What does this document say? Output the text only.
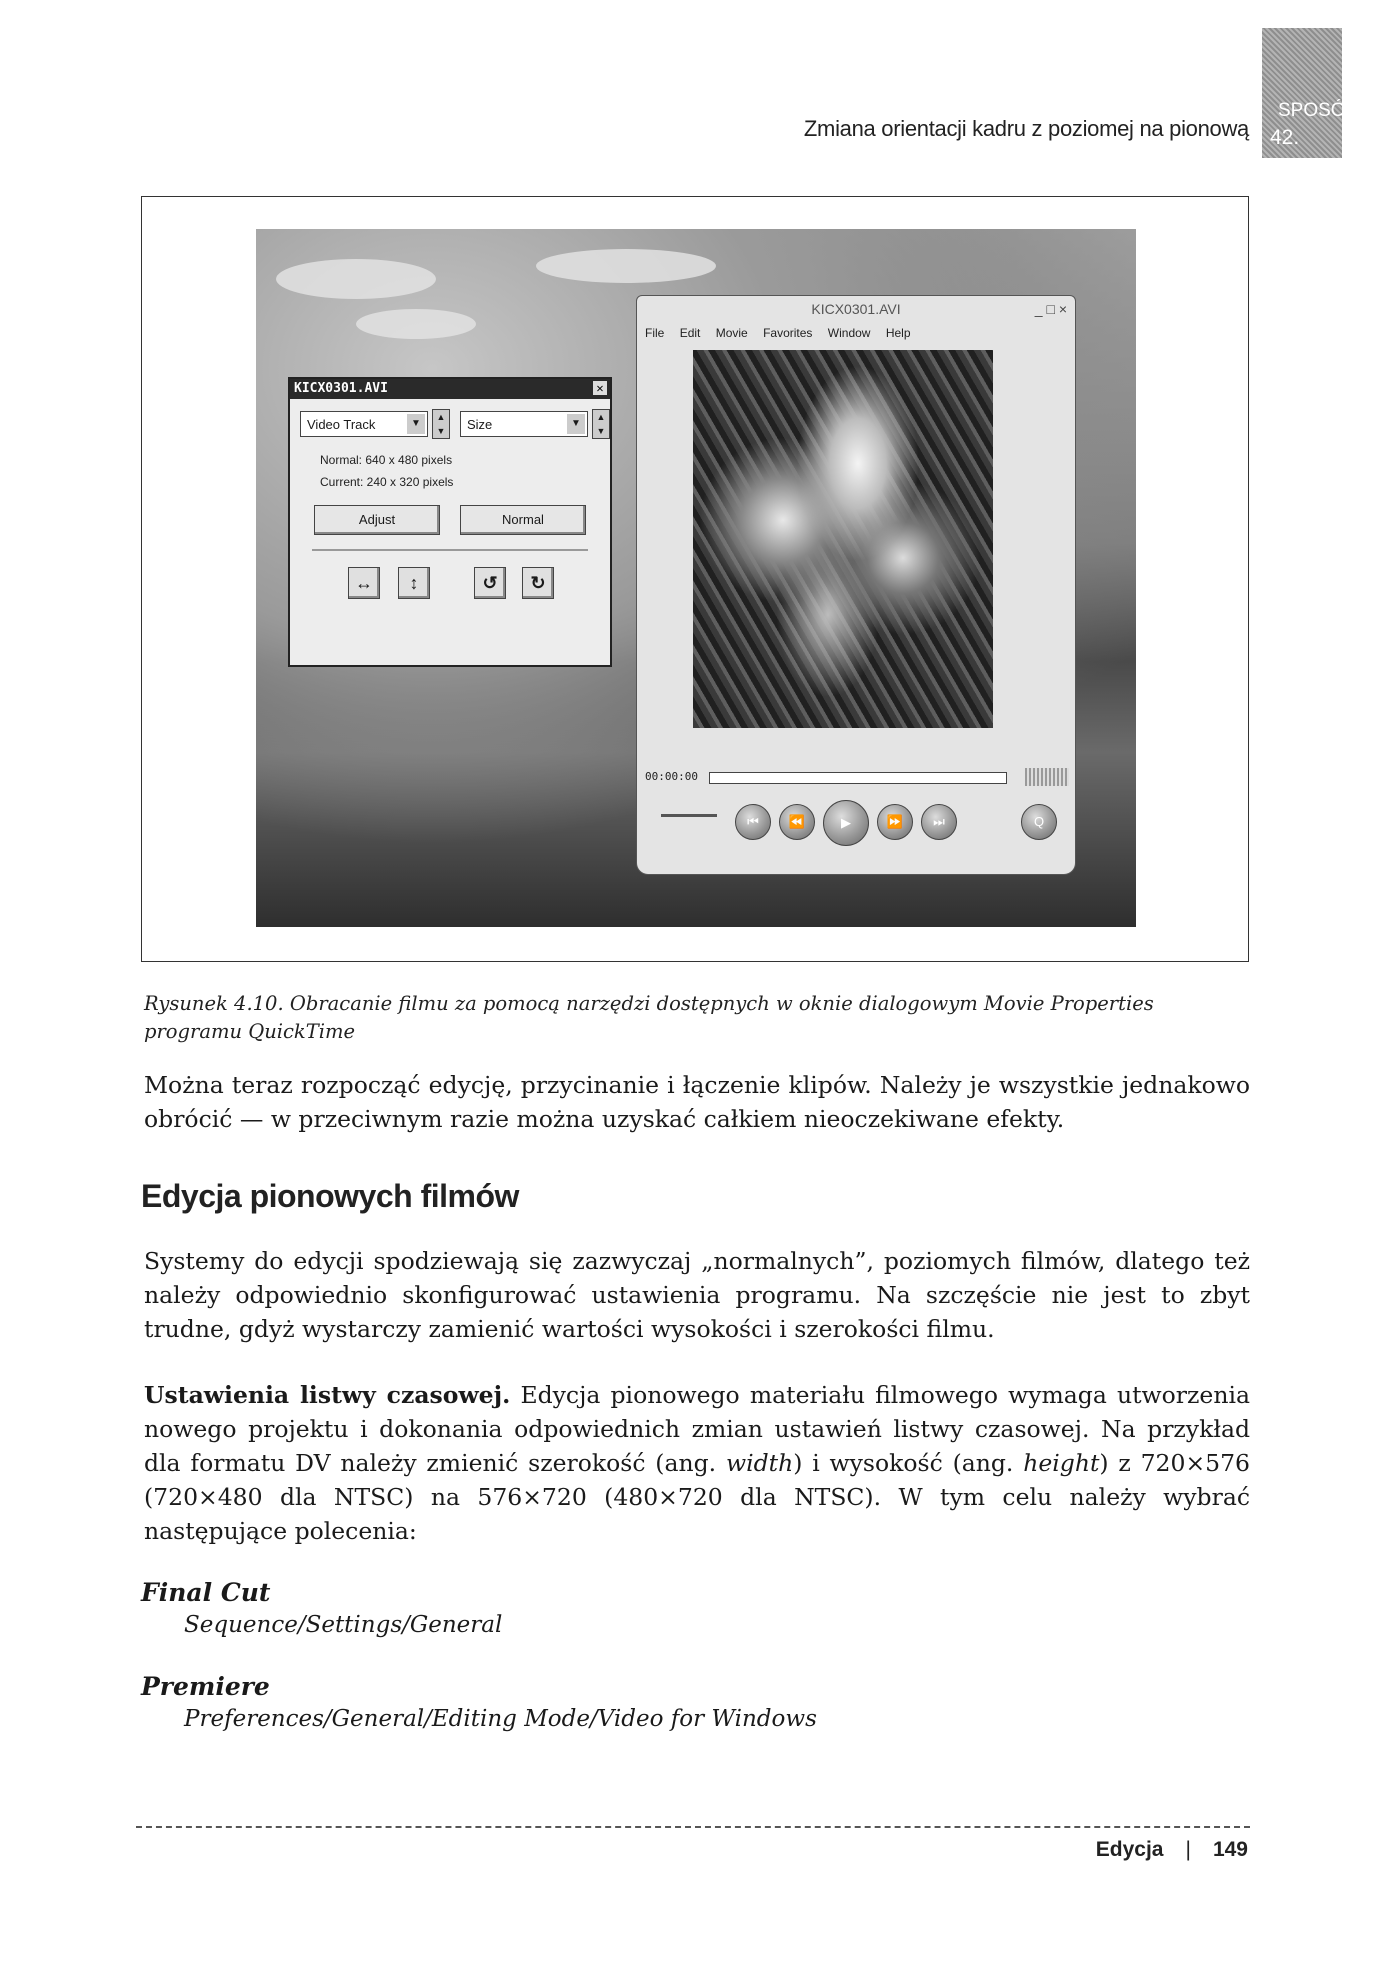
Zmiana orientacji kadru z poziomej na pionową
SPOSÓB
42.
KICX0301.AVI	✕
Video Track	▼
▲
▼	Size	▼
▲
▼
Normal: 640 x 480 pixels
Current: 240 x 320 pixels
Adjust	Normal
↔	↕	↺	↻
KICX0301.AVI	_ □ ×
File Edit Movie Favorites Window Help
00:00:00
⏮	⏪	▶	⏩	⏭	Q
Rysunek 4.10. Obracanie filmu za pomocą narzędzi dostępnych w oknie dialogowym Movie Properties programu QuickTime
Można teraz rozpocząć edycję, przycinanie i łączenie klipów. Należy je wszystkie jednakowo obrócić — w przeciwnym razie można uzyskać całkiem nieoczekiwane efekty.
Edycja pionowych filmów
Systemy do edycji spodziewają się zazwyczaj „normalnych”, poziomych filmów, dlatego też należy odpowiednio skonfigurować ustawienia programu. Na szczęście nie jest to zbyt trudne, gdyż wystarczy zamienić wartości wysokości i szerokości filmu.
Ustawienia listwy czasowej. Edycja pionowego materiału filmowego wymaga utworzenia nowego projektu i dokonania odpowiednich zmian ustawień listwy czasowej. Na przykład dla formatu DV należy zmienić szerokość (ang. width) i wysokość (ang. height) z 720×576 (720×480 dla NTSC) na 576×720 (480×720 dla NTSC). W tym celu należy wybrać następujące polecenia:
Final Cut
Sequence/Settings/General
Premiere
Preferences/General/Editing Mode/Video for Windows
Edycja | 149
